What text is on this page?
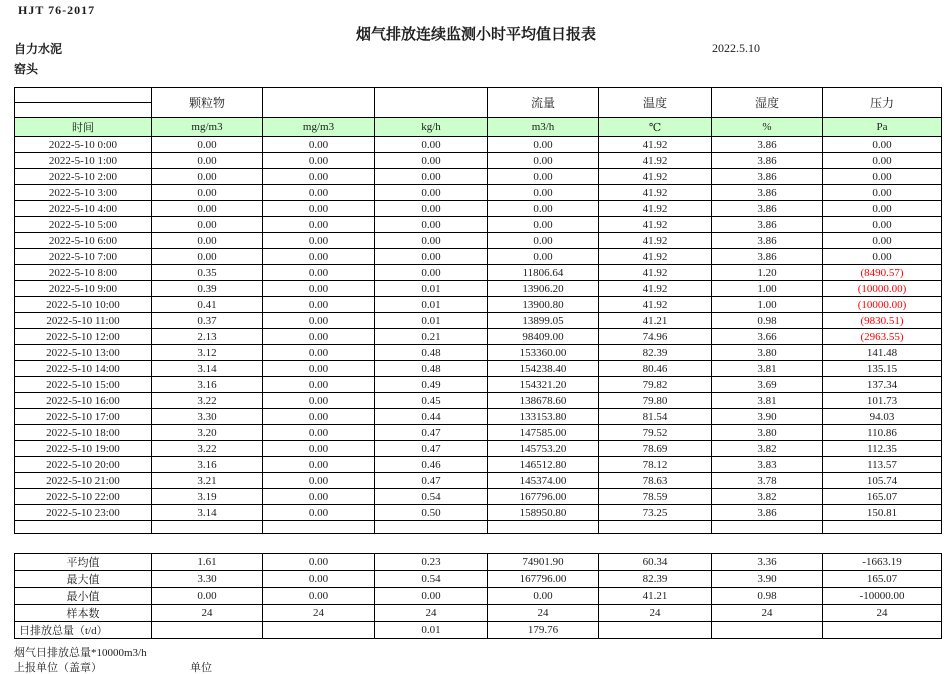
HJT 76-2017
烟气排放连续监测小时平均值日报表
2022.5.10
自力水泥
窑头
	颗粒物			流量	温度	湿度	压力

时间	mg/m3	mg/m3	kg/h	m3/h	℃	%	Pa
2022-5-10 0:00	0.00	0.00	0.00	0.00	41.92	3.86	0.00
2022-5-10 1:00	0.00	0.00	0.00	0.00	41.92	3.86	0.00
2022-5-10 2:00	0.00	0.00	0.00	0.00	41.92	3.86	0.00
2022-5-10 3:00	0.00	0.00	0.00	0.00	41.92	3.86	0.00
2022-5-10 4:00	0.00	0.00	0.00	0.00	41.92	3.86	0.00
2022-5-10 5:00	0.00	0.00	0.00	0.00	41.92	3.86	0.00
2022-5-10 6:00	0.00	0.00	0.00	0.00	41.92	3.86	0.00
2022-5-10 7:00	0.00	0.00	0.00	0.00	41.92	3.86	0.00
2022-5-10 8:00	0.35	0.00	0.00	11806.64	41.92	1.20	(8490.57)
2022-5-10 9:00	0.39	0.00	0.01	13906.20	41.92	1.00	(10000.00)
2022-5-10 10:00	0.41	0.00	0.01	13900.80	41.92	1.00	(10000.00)
2022-5-10 11:00	0.37	0.00	0.01	13899.05	41.21	0.98	(9830.51)
2022-5-10 12:00	2.13	0.00	0.21	98409.00	74.96	3.66	(2963.55)
2022-5-10 13:00	3.12	0.00	0.48	153360.00	82.39	3.80	141.48
2022-5-10 14:00	3.14	0.00	0.48	154238.40	80.46	3.81	135.15
2022-5-10 15:00	3.16	0.00	0.49	154321.20	79.82	3.69	137.34
2022-5-10 16:00	3.22	0.00	0.45	138678.60	79.80	3.81	101.73
2022-5-10 17:00	3.30	0.00	0.44	133153.80	81.54	3.90	94.03
2022-5-10 18:00	3.20	0.00	0.47	147585.00	79.52	3.80	110.86
2022-5-10 19:00	3.22	0.00	0.47	145753.20	78.69	3.82	112.35
2022-5-10 20:00	3.16	0.00	0.46	146512.80	78.12	3.83	113.57
2022-5-10 21:00	3.21	0.00	0.47	145374.00	78.63	3.78	105.74
2022-5-10 22:00	3.19	0.00	0.54	167796.00	78.59	3.82	165.07
2022-5-10 23:00	3.14	0.00	0.50	158950.80	73.25	3.86	150.81

平均值	1.61	0.00	0.23	74901.90	60.34	3.36	-1663.19
最大值	3.30	0.00	0.54	167796.00	82.39	3.90	165.07
最小值	0.00	0.00	0.00	0.00	41.21	0.98	-10000.00
样本数	24	24	24	24	24	24	24
日排放总量（t/d）			0.01	179.76			
烟气日排放总量*10000m3/h
上报单位（盖章）	单位
